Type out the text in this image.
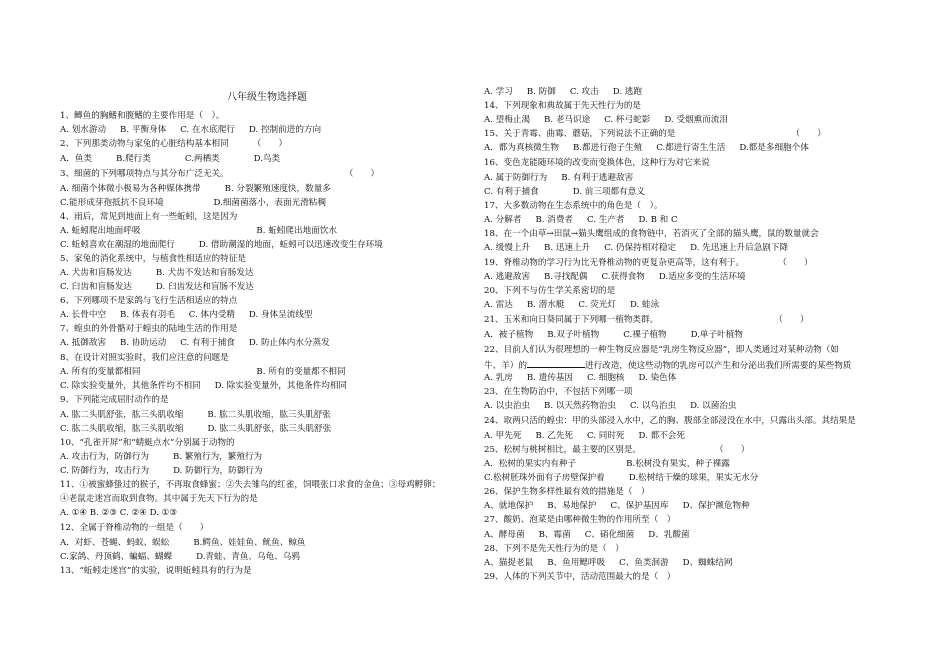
八年级生物选择题
1、鲫鱼的胸鳍和腹鳍的主要作用是（　）。
A. 划水游动 B. 平衡身体 C. 在水底爬行 D. 控制前进的方向
2、下列那类动物与家兔的心脏结构基本相同	（　　）
A．鱼类	B.爬行类	C.两栖类	D.鸟类
3、细菌的下列哪项特点与其分布广泛无关。	（　　）
A. 细菌个体微小极易为各种媒体携带	B. 分裂繁殖速度快，数量多
C.能形成芽孢抵抗不良环境	D.细菌菌落小，表面光滑粘稠
4、雨后，常见到地面上有一些蚯蚓，这是因为
A. 蚯蚓爬出地面呼吸	B. 蚯蚓爬出地面饮水
C. 蚯蚓喜欢在潮湿的地面爬行	D. 借助潮湿的地面，蚯蚓可以迅速改变生存环境
5、家兔的消化系统中，与植食性相适应的特征是
A. 犬齿和盲肠发达	B. 犬齿不发达和盲肠发达
C. 臼齿和盲肠发达	D. 臼齿发达和盲肠不发达
6、下列哪项不是家鸽与飞行生活相适应的特点
A. 长骨中空 B. 体表有羽毛 C. 体内受精 D. 身体呈流线型
7、蝗虫的外骨骼对于蝗虫的陆地生活的作用是
A. 抵御敌害 B. 协助运动 C. 有利于捕食 D. 防止体内水分蒸发
8、在设计对照实验时，我们应注意的问题是
A. 所有的变量都相同	B. 所有的变量都不相同
C. 除实验变量外，其他条件均不相同 D. 除实验变量外，其他条件均相同
9、下列能完成屈肘动作的是
A. 肱二头肌舒张，肱三头肌收缩	B. 肱二头肌收缩，肱三头肌舒张
C. 肱二头肌收缩，肱三头肌收缩	D. 肱二头肌舒张，肱三头肌舒张
10、“孔雀开屏”和“蜻蜓点水”分别属于动物的
A. 攻击行为，防御行为	B. 繁殖行为，繁殖行为
C. 防御行为，攻击行为	D. 防御行为，防御行为
11、①被蜜蜂蛰过的猴子，不再取食蜂蜜；②失去雏鸟的红雀，饲喂张口求食的金鱼；③母鸡孵卵；
④老鼠走迷宫而取到食物。其中属于先天下行为的是
A. ①④ B. ②③ C. ②④ D. ①③
12、全属于脊椎动物的一组是（　　）
A．对虾、苍蝇、蚂蚁、蜈蚣	B.鳄鱼、娃娃鱼、鱿鱼、鲸鱼
C.家鸽、丹顶鹤、蝙蝠、蝴蝶	D.青蛙、青鱼、乌龟、乌鸦
13、“蚯蚓走迷宫”的实验，说明蚯蚓具有的行为是
A. 学习 B. 防御 C. 攻击 D. 逃跑
14、下列现象和典故属于先天性行为的是
A. 望梅止渴 B. 老马识途 C. 杯弓蛇影 D. 受烟熏而流泪
15、关于青霉、曲霉、蘑菇，下列说法不正确的是	（　　）
A．都为真核微生物 B.都进行孢子生殖 C.都进行寄生生活 D.都是多细胞个体
16、变色龙能随环境的改变而变换体色，这种行为对它来说
A. 属于防御行为 B. 有利于逃避敌害
C. 有利于捕食	D. 前三项都有意义
17、大多数动物在生态系统中的角色是（　）。
A. 分解者 B. 消费者 C. 生产者 D. B 和 C
18、在一个由草→田鼠→猫头鹰组成的食物链中，若消灭了全部的猫头鹰，鼠的数量就会
A. 缓慢上升 B. 迅速上升 C. 仍保持相对稳定 D. 先迅速上升后急剧下降
19、脊椎动物的学习行为比无脊椎动物的更复杂更高等，这有利于。	（　　）
A. 逃避敌害 B.寻找配偶 C.获得食物 D.适应多变的生活环境
20、下列不与仿生学关系密切的是
A. 雷达 B. 潜水艇 C. 荧光灯 D. 蛙泳
21、玉米和向日葵同属于下列哪一植物类群。	（　　）
A．被子植物 B.双子叶植物	C.裸子植物	D.单子叶植物
22、目前人们认为很理想的一种生物反应器是“乳房生物反应器”，即人类通过对某种动物（如
牛、羊）的	进行改造，使这些动物的乳房可以产生和分泌出我们所需要的某些物质
A. 乳房 B. 遗传基因 C. 细胞核 D. 染色体
23、在生物防治中，不包括下列哪一项
A. 以虫治虫 B. 以天然药物治虫 C. 以鸟治虫 D. 以菌治虫
24、取两只活的蝗虫：甲的头部浸入水中，乙的胸、腹部全部浸没在水中，只露出头部。其结果是
A. 甲先死 B. 乙先死 C. 同时死 D. 都不会死
25、松树与桃树相比，最主要的区别是。	（　　）
A．松树的果实内有种子	B.松树没有果实，种子裸露
C.松树胚珠外面有子房壁保护着	D.松树结干燥的球果，果实无水分
26、保护生物多样性最有效的措施是（　）
A、就地保护 B、易地保护 C、保护基因库 D、保护濒危物种
27、酸奶、泡菜是由哪种微生物的作用所至（　）
A、酵母菌 B、霉菌 C、硝化细菌 D、乳酸菌
28、下列不是先天性行为的是（　）
A、猫捉老鼠 B、鱼用鳃呼吸 C、鱼类洄游 D、蜘蛛结网
29、人体的下列关节中，活动范围最大的是（　）
